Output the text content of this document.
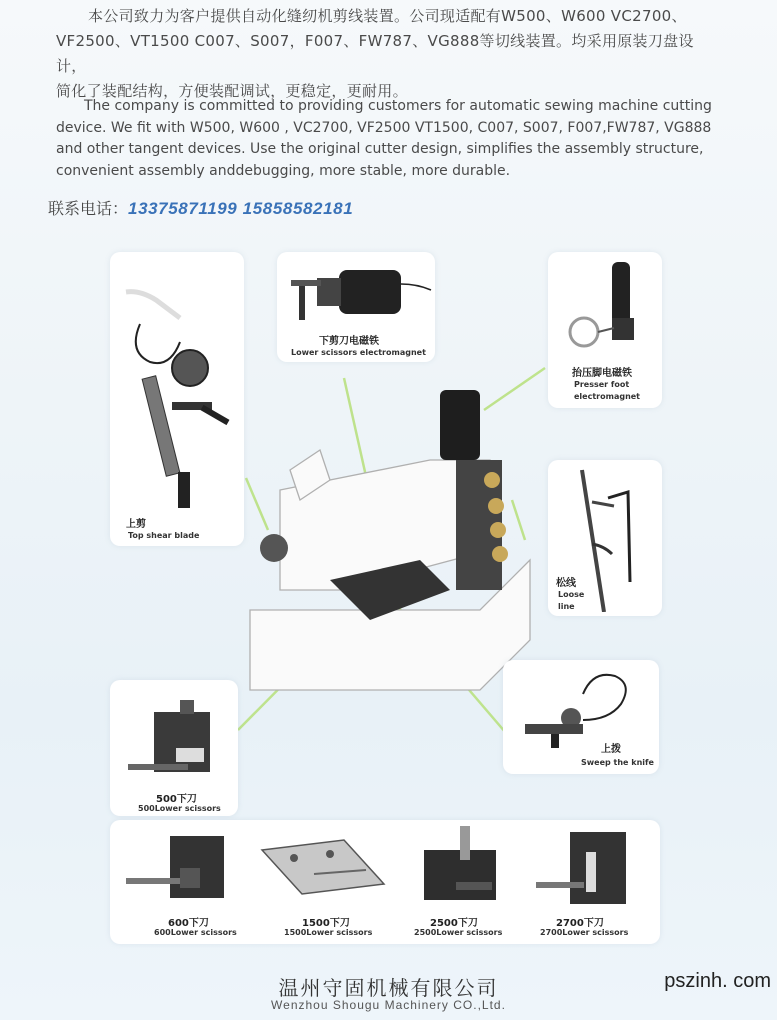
本公司致力为客户提供自动化缝纫机剪线装置。公司现适配有W500、W600 VC2700、

VF2500、VT1500 C007、S007，F007、FW787、VG888等切线装置。均采用原装刀盘设计，

简化了装配结构，方便装配调试，更稳定，更耐用。

The company is committed to providing customers for automatic sewing machine cutting device. We fit with W500, W600 , VC2700, VF2500 VT1500, C007, S007, F007,FW787, VG888 and other tangent devices. Use the original cutter design, simplifies the assembly structure, convenient assembly anddebugging, more stable, more durable.

联系电话：13375871199 15858582181
上剪
Top shear blade
下剪刀电磁铁
Lower scissors electromagnet
抬压脚电磁铁
Presser foot
electromagnet
松线
Loose
line
上拨
Sweep the knife
500下刀
500Lower scissors
600下刀
600Lower scissors
1500下刀
1500Lower scissors
2500下刀
2500Lower scissors
2700下刀
2700Lower scissors
温州守固机械有限公司
Wenzhou Shougu Machinery CO.,Ltd.
pszinh. com
